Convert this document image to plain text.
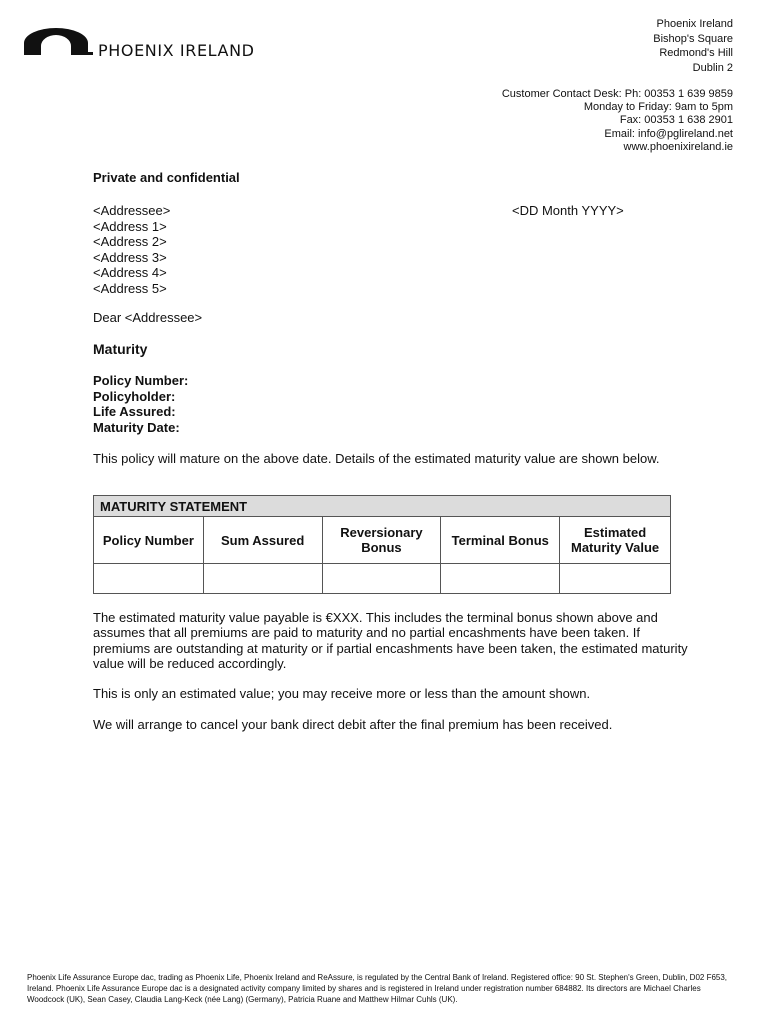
PHOENIX IRELAND
Phoenix Ireland
Bishop's Square
Redmond's Hill
Dublin 2
Customer Contact Desk: Ph: 00353 1 639 9859
Monday to Friday: 9am to 5pm
Fax: 00353 1 638 2901
Email: info@pglireland.net
www.phoenixireland.ie
Private and confidential
<Addressee>
<Address 1>
<Address 2>
<Address 3>
<Address 4>
<Address 5>
<DD Month YYYY>
Dear <Addressee>
Maturity
Policy Number:
Policyholder:
Life Assured:
Maturity Date:
This policy will mature on the above date. Details of the estimated maturity value are shown below.
MATURITY STATEMENT				
Policy Number	Sum Assured	Reversionary Bonus	Terminal Bonus	Estimated Maturity Value

The estimated maturity value payable is €XXX. This includes the terminal bonus shown above and assumes that all premiums are paid to maturity and no partial encashments have been taken. If premiums are outstanding at maturity or if partial encashments have been taken, the estimated maturity value will be reduced accordingly.
This is only an estimated value; you may receive more or less than the amount shown.
We will arrange to cancel your bank direct debit after the final premium has been received.
Phoenix Life Assurance Europe dac, trading as Phoenix Life, Phoenix Ireland and ReAssure, is regulated by the Central Bank of Ireland. Registered office: 90 St. Stephen's Green, Dublin, D02 F653, Ireland. Phoenix Life Assurance Europe dac is a designated activity company limited by shares and is registered in Ireland under registration number 684882. Its directors are Michael Charles Woodcock (UK), Sean Casey, Claudia Lang-Keck (née Lang) (Germany), Patricia Ruane and Matthew Hilmar Cuhls (UK).
